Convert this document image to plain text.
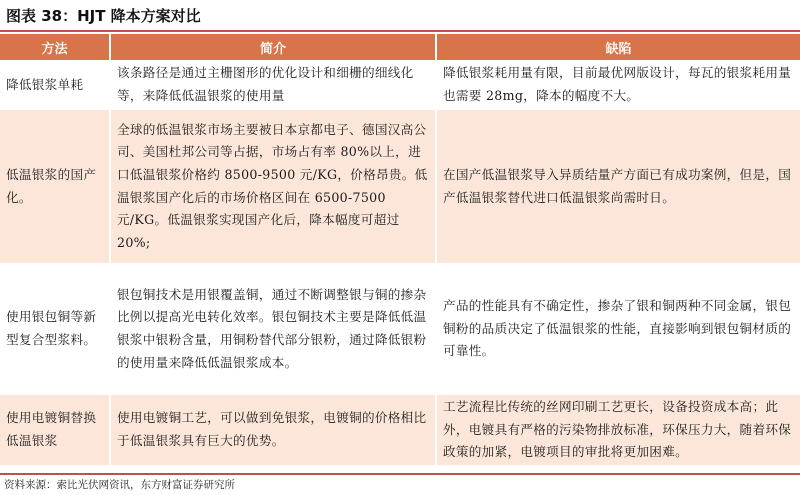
图表 38：HJT 降本方案对比
方法	简介	缺陷
降低银浆单耗	该条路径是通过主栅图形的优化设计和细栅的细线化等，来降低低温银浆的使用量	降低银浆耗用量有限，目前最优网版设计，每瓦的银浆耗用量也需要 28mg，降本的幅度不大。
低温银浆的国产化。	全球的低温银浆市场主要被日本京都电子、德国汉高公司、美国杜邦公司等占据，市场占有率 80%以上，进口低温银浆价格约 8500-9500 元/KG，价格昂贵。低温银浆国产化后的市场价格区间在 6500-7500 元/KG。低温银浆实现国产化后，降本幅度可超过 20%;	在国产低温银浆导入异质结量产方面已有成功案例，但是，国产低温银浆替代进口低温银浆尚需时日。
使用银包铜等新型复合型浆料。	银包铜技术是用银覆盖铜，通过不断调整银与铜的掺杂比例以提高光电转化效率。银包铜技术主要是降低低温银浆中银粉含量，用铜粉替代部分银粉，通过降低银粉的使用量来降低低温银浆成本。	产品的性能具有不确定性，掺杂了银和铜两种不同金属，银包铜粉的品质决定了低温银浆的性能，直接影响到银包铜材质的可靠性。
使用电镀铜替换低温银浆	使用电镀铜工艺，可以做到免银浆，电镀铜的价格相比于低温银浆具有巨大的优势。	工艺流程比传统的丝网印刷工艺更长，设备投资成本高；此外，电镀具有严格的污染物排放标准，环保压力大，随着环保政策的加紧，电镀项目的审批将更加困难。
资料来源：索比光伏网资讯，东方财富证券研究所
